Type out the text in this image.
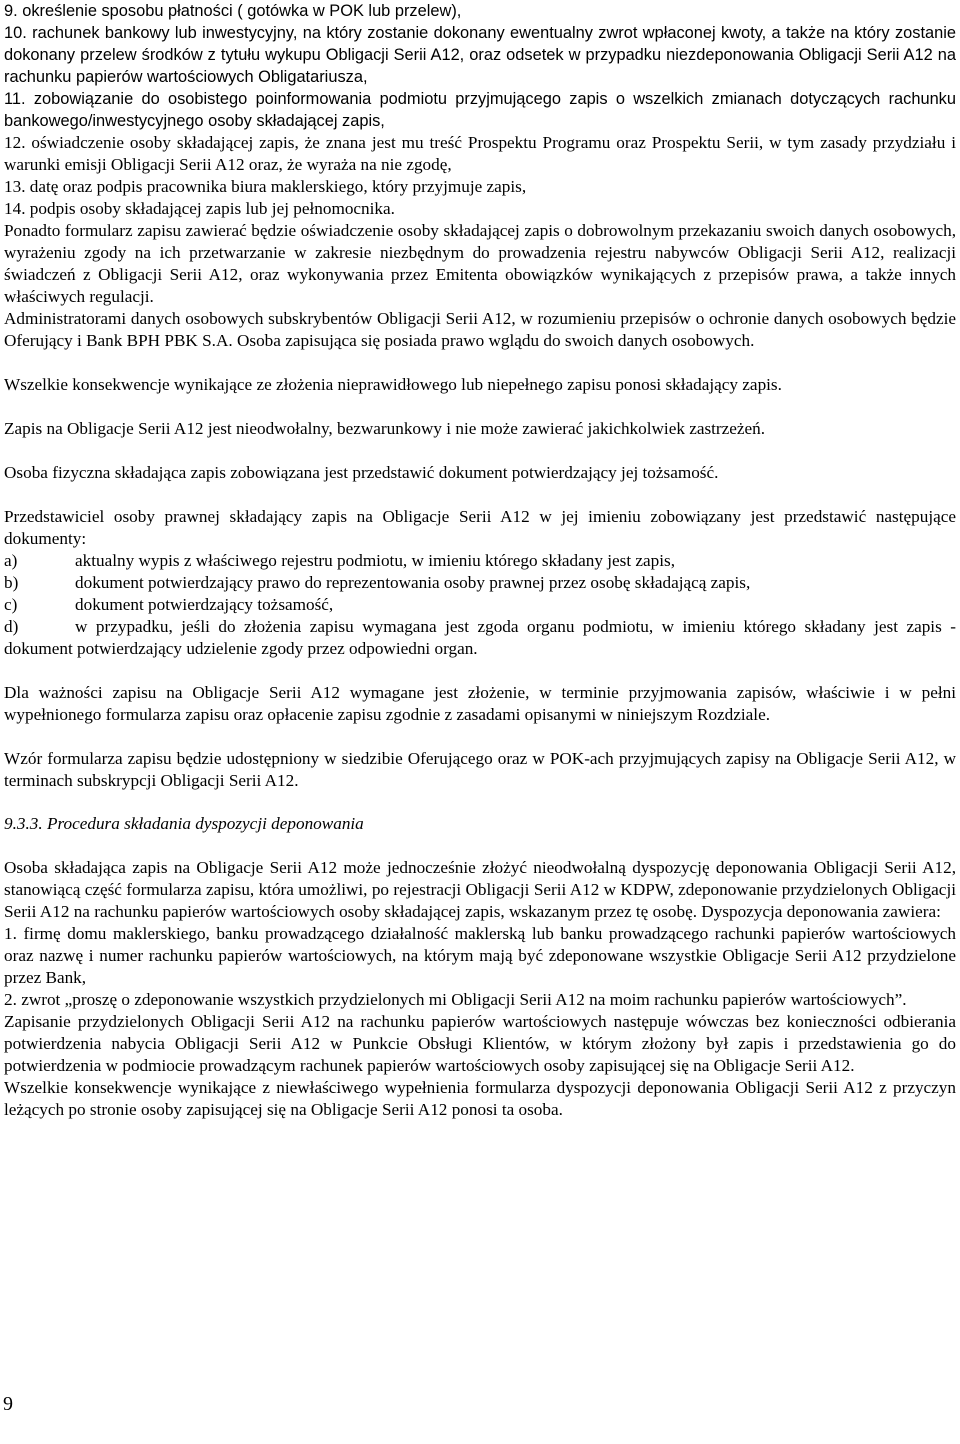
9. określenie sposobu płatności ( gotówka w POK lub przelew),

10. rachunek bankowy lub inwestycyjny, na który zostanie dokonany ewentualny zwrot wpłaconej kwoty, a także na który zostanie dokonany przelew środków z tytułu wykupu Obligacji Serii A12, oraz odsetek w przypadku niezdeponowania Obligacji Serii A12 na rachunku papierów wartościowych Obligatariusza,

11. zobowiązanie do osobistego poinformowania podmiotu przyjmującego zapis o wszelkich zmianach dotyczących rachunku bankowego/inwestycyjnego osoby składającej zapis,

12. oświadczenie osoby składającej zapis, że znana jest mu treść Prospektu Programu oraz Prospektu Serii, w tym zasady przydziału i warunki emisji Obligacji Serii A12 oraz, że wyraża na nie zgodę,

13. datę oraz podpis pracownika biura maklerskiego, który przyjmuje zapis,

14. podpis osoby składającej zapis lub jej pełnomocnika.

Ponadto formularz zapisu zawierać będzie oświadczenie osoby składającej zapis o dobrowolnym przekazaniu swoich danych osobowych, wyrażeniu zgody na ich przetwarzanie w zakresie niezbędnym do prowadzenia rejestru nabywców Obligacji Serii A12, realizacji świadczeń z Obligacji Serii A12, oraz wykonywania przez Emitenta obowiązków wynikających z przepisów prawa, a także innych właściwych regulacji.

Administratorami danych osobowych subskrybentów Obligacji Serii A12, w rozumieniu przepisów o ochronie danych osobowych będzie Oferujący i Bank BPH PBK S.A. Osoba zapisująca się posiada prawo wglądu do swoich danych osobowych.

Wszelkie konsekwencje wynikające ze złożenia nieprawidłowego lub niepełnego zapisu ponosi składający zapis.

Zapis na Obligacje Serii A12 jest nieodwołalny, bezwarunkowy i nie może zawierać jakichkolwiek zastrzeżeń.

Osoba fizyczna składająca zapis zobowiązana jest przedstawić dokument potwierdzający jej tożsamość.

Przedstawiciel osoby prawnej składający zapis na Obligacje Serii A12 w jej imieniu zobowiązany jest przedstawić następujące dokumenty:

a)	aktualny wypis z właściwego rejestru podmiotu, w imieniu którego składany jest zapis,

b)	dokument potwierdzający prawo do reprezentowania osoby prawnej przez osobę składającą zapis,

c)	dokument potwierdzający tożsamość,

d)	w przypadku, jeśli do złożenia zapisu wymagana jest zgoda organu podmiotu, w imieniu którego składany jest zapis - dokument potwierdzający udzielenie zgody przez odpowiedni organ.

Dla ważności zapisu na Obligacje Serii A12 wymagane jest złożenie, w terminie przyjmowania zapisów, właściwie i w pełni wypełnionego formularza zapisu oraz opłacenie zapisu zgodnie z zasadami opisanymi w niniejszym Rozdziale.

Wzór formularza zapisu będzie udostępniony w siedzibie Oferującego oraz w POK-ach przyjmujących zapisy na Obligacje Serii A12, w terminach subskrypcji Obligacji Serii A12.

9.3.3. Procedura składania dyspozycji deponowania

Osoba składająca zapis na Obligacje Serii A12 może jednocześnie złożyć nieodwołalną dyspozycję deponowania Obligacji Serii A12, stanowiącą część formularza zapisu, która umożliwi, po rejestracji Obligacji Serii A12 w KDPW, zdeponowanie przydzielonych Obligacji Serii A12 na rachunku papierów wartościowych osoby składającej zapis, wskazanym przez tę osobę. Dyspozycja deponowania zawiera:

1. firmę domu maklerskiego, banku prowadzącego działalność maklerską lub banku prowadzącego rachunki papierów wartościowych oraz nazwę i numer rachunku papierów wartościowych, na którym mają być zdeponowane wszystkie Obligacje Serii A12 przydzielone przez Bank,

2. zwrot „proszę o zdeponowanie wszystkich przydzielonych mi Obligacji Serii A12 na moim rachunku papierów wartościowych”.

Zapisanie przydzielonych Obligacji Serii A12 na rachunku papierów wartościowych następuje wówczas bez konieczności odbierania potwierdzenia nabycia Obligacji Serii A12 w Punkcie Obsługi Klientów, w którym złożony był zapis i przedstawienia go do potwierdzenia w podmiocie prowadzącym rachunek papierów wartościowych osoby zapisującej się na Obligacje Serii A12.

Wszelkie konsekwencje wynikające z niewłaściwego wypełnienia formularza dyspozycji deponowania Obligacji Serii A12 z przyczyn leżących po stronie osoby zapisującej się na Obligacje Serii A12 ponosi ta osoba.

9
